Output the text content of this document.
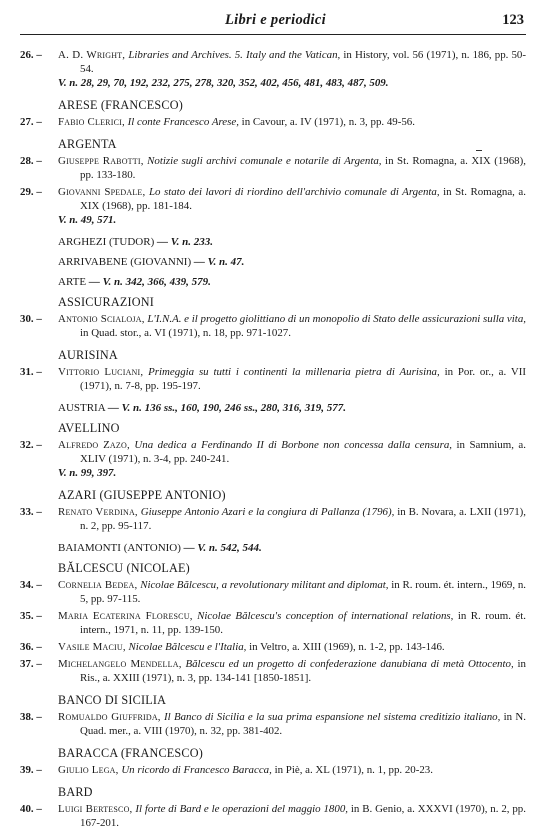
Libri e periodici	123
26. –	A. D. Wright, Libraries and Archives. 5. Italy and the Vatican, in History, vol. 56 (1971), n. 186, pp. 50-54.
V. n. 28, 29, 70, 192, 232, 275, 278, 320, 352, 402, 456, 481, 483, 487, 509.
ARESE (FRANCESCO)
27. –	Fabio Clerici, Il conte Francesco Arese, in Cavour, a. IV (1971), n. 3, pp. 49-56.
ARGENTA
28. –	Giuseppe Rabotti, Notizie sugli archivi comunale e notarile di Argenta, in St. Romagna, a. XIX (1968), pp. 133-180.
29. –	Giovanni Spedale, Lo stato dei lavori di riordino dell'archivio comunale di Argenta, in St. Romagna, a. XIX (1968), pp. 181-184.
V. n. 49, 571.
ARGHEZI (TUDOR) — V. n. 233.
ARRIVABENE (GIOVANNI) — V. n. 47.
ARTE — V. n. 342, 366, 439, 579.
ASSICURAZIONI
30. –	Antonio Scialoja, L'I.N.A. e il progetto giolittiano di un monopolio di Stato delle assicurazioni sulla vita, in Quad. stor., a. VI (1971), n. 18, pp. 971-1027.
AURISINA
31. –	Vittorio Luciani, Primeggia su tutti i continenti la millenaria pietra di Aurisina, in Por. or., a. VII (1971), n. 7-8, pp. 195-197.
AUSTRIA — V. n. 136 ss., 160, 190, 246 ss., 280, 316, 319, 577.
AVELLINO
32. –	Alfredo Zazo, Una dedica a Ferdinando II di Borbone non concessa dalla censura, in Samnium, a. XLIV (1971), n. 3-4, pp. 240-241.
V. n. 99, 397.
AZARI (GIUSEPPE ANTONIO)
33. –	Renato Verdina, Giuseppe Antonio Azari e la congiura di Pallanza (1796), in B. Novara, a. LXII (1971), n. 2, pp. 95-117.
BAIAMONTI (ANTONIO) — V. n. 542, 544.
BĂLCESCU (NICOLAE)
34. –	Cornelia Bedea, Nicolae Bălcescu, a revolutionary militant and diplomat, in R. roum. ét. intern., 1969, n. 5, pp. 97-115.
35. –	Maria Ecaterina Florescu, Nicolae Bălcescu's conception of international relations, in R. roum. ét. intern., 1971, n. 11, pp. 139-150.
36. –	Vasile Maciu, Nicolae Bălcescu e l'Italia, in Veltro, a. XIII (1969), n. 1-2, pp. 143-146.
37. –	Michelangelo Mendella, Bălcescu ed un progetto di confederazione danubiana di metà Ottocento, in Ris., a. XXIII (1971), n. 3, pp. 134-141 [1850-1851].
BANCO DI SICILIA
38. –	Romualdo Giuffrida, Il Banco di Sicilia e la sua prima espansione nel sistema creditizio italiano, in N. Quad. mer., a. VIII (1970), n. 32, pp. 381-402.
BARACCA (FRANCESCO)
39. –	Giulio Lega, Un ricordo di Francesco Baracca, in Piè, a. XL (1971), n. 1, pp. 20-23.
BARD
40. –	Luigi Bertesco, Il forte di Bard e le operazioni del maggio 1800, in B. Genio, a. XXXVI (1970), n. 2, pp. 167-201.
